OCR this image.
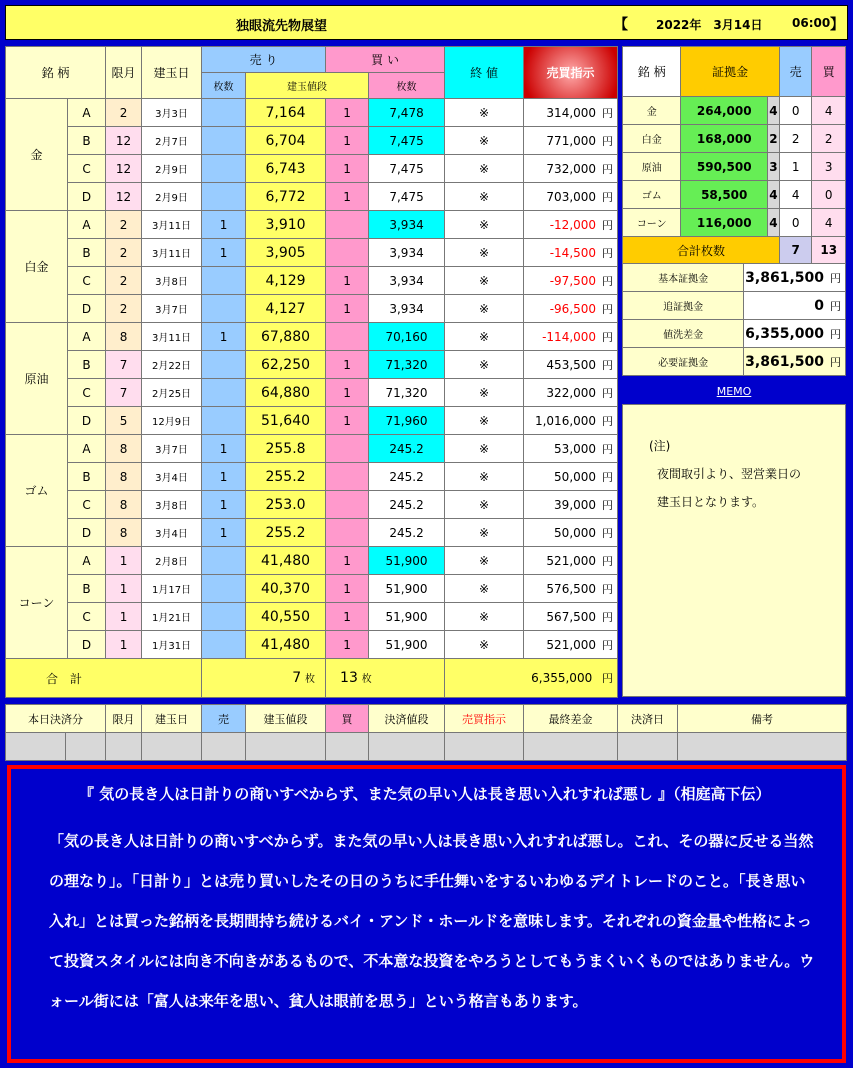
独眼流先物展望	【 2022年　3月14日 06:00 】
銘 柄		限月	建玉日	売 り		買 い		終 値	売買指示	
				枚数	建玉値段		枚数			
金	A	2	3月3日		7,164	1	7,478	※	314,000 円	
	B	12	2月7日		6,704	1	7,475	※	771,000 円	
	C	12	2月9日		6,743	1	7,475	※	732,000 円	
	D	12	2月9日		6,772	1	7,475	※	703,000 円	
白金	A	2	3月11日	1	3,910		3,934	※	-12,000 円	
	B	2	3月11日	1	3,905		3,934	※	-14,500 円	
	C	2	3月8日		4,129	1	3,934	※	-97,500 円	
	D	2	3月7日		4,127	1	3,934	※	-96,500 円	
原油	A	8	3月11日	1	67,880		70,160	※	-114,000 円	
	B	7	2月22日		62,250	1	71,320	※	453,500 円	
	C	7	2月25日		64,880	1	71,320	※	322,000 円	
	D	5	12月9日		51,640	1	71,960	※	1,016,000 円	
ゴム	A	8	3月7日	1	255.8		245.2	※	53,000 円	
	B	8	3月4日	1	255.2		245.2	※	50,000 円	
	C	8	3月8日	1	253.0		245.2	※	39,000 円	
	D	8	3月4日	1	255.2		245.2	※	50,000 円	
コーン	A	1	2月8日		41,480	1	51,900	※	521,000 円	
	B	1	1月17日		40,370	1	51,900	※	576,500 円	
	C	1	1月21日		40,550	1	51,900	※	567,500 円	
	D	1	1月31日		41,480	1	51,900	※	521,000 円	
合　計				7 枚		13 枚		6,355,000 円		
銘 柄	証拠金			売	買
金	264,000		4	0	4
白金	168,000		2	2	2
原油	590,500		3	1	3
ゴム	58,500		4	4	0
コーン	116,000		4	0	4
合計枚数				7	13
基本証拠金		3,861,500 円			
追証拠金		0 円			
値洗差金		6,355,000 円			
必要証拠金		3,861,500 円			
MEMO
(注)
夜間取引より、翌営業日の
建玉日となります。
本日決済分		限月	建玉日	売	建玉値段	買	決済値段	売買指示	最終差金	決済日	備考

『 気の長き人は日計りの商いすべからず、また気の早い人は長き思い入れすれば悪し 』（相庭高下伝）
「気の長き人は日計りの商いすべからず。また気の早い人は長き思い入れすれば悪し。これ、その器に反せる当然の理なり」。「日計り」とは売り買いしたその日のうちに手仕舞いをするいわゆるデイトレードのこと。「長き思い入れ」とは買った銘柄を長期間持ち続けるバイ・アンド・ホールドを意味します。それぞれの資金量や性格によって投資スタイルには向き不向きがあるもので、不本意な投資をやろうとしてもうまくいくものではありません。ウォール街には「富人は来年を思い、貧人は眼前を思う」という格言もあります。
